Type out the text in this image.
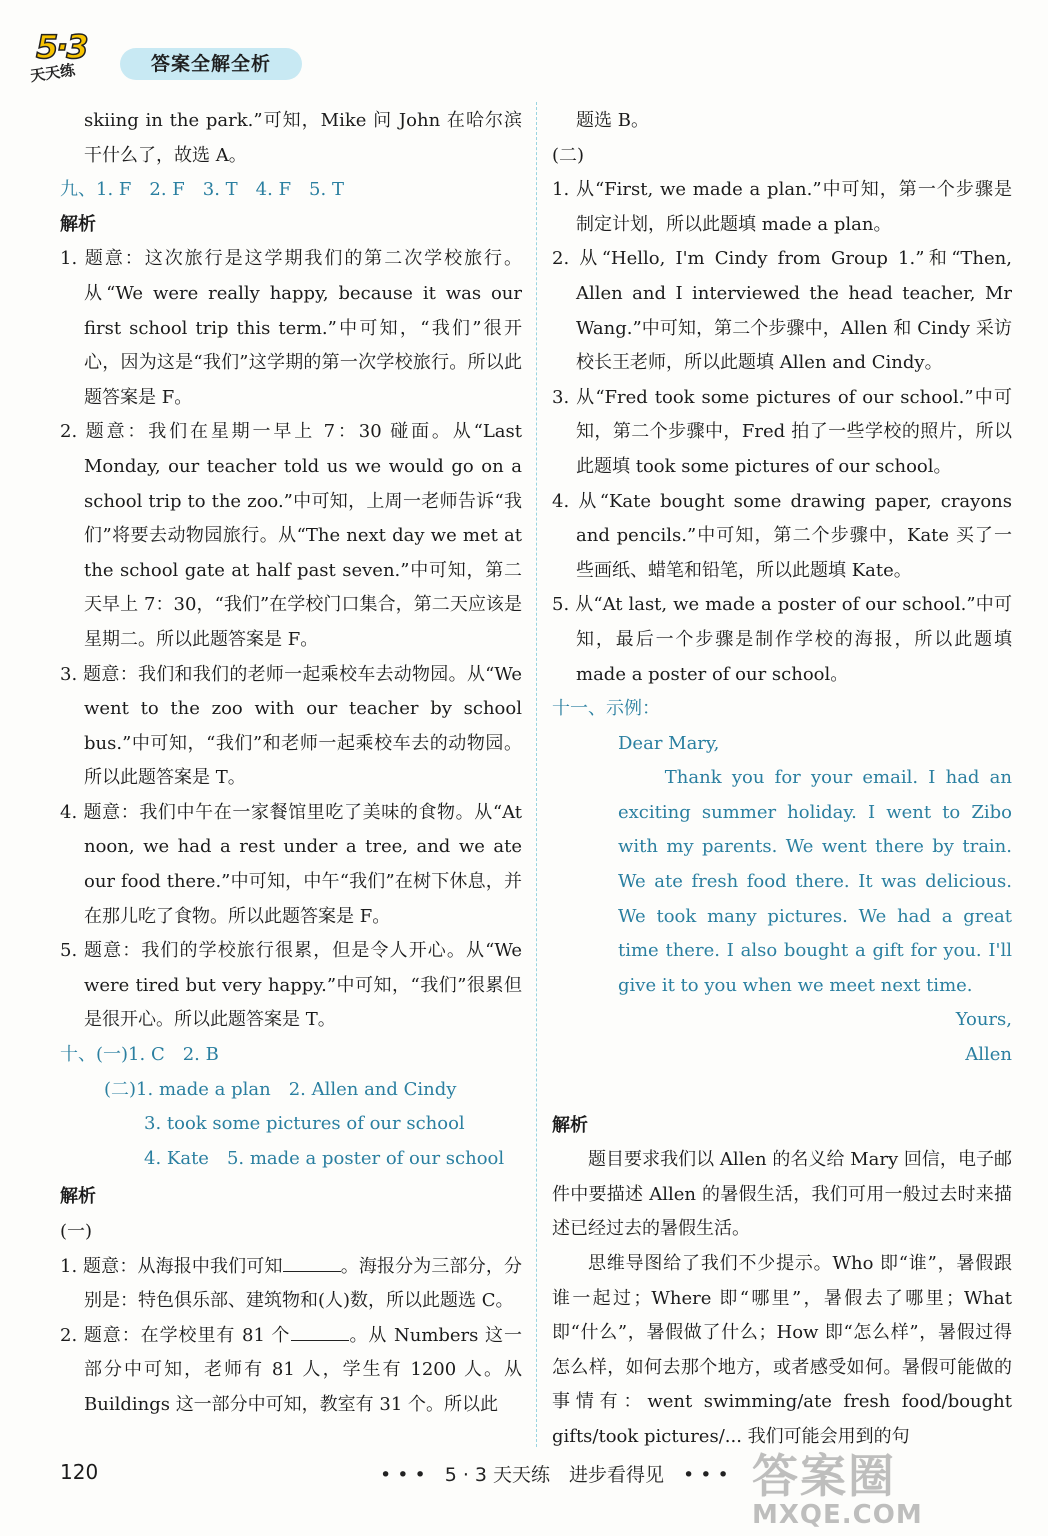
5·3
天天练	答案全解全析

skiing in the park.”可知，Mike 问 John 在哈尔滨干什么了，故选 A。

九、1. F　2. F　3. T　4. F　5. T

解析

1. 题意：这次旅行是这学期我们的第二次学校旅行。从“We were really happy, because it was our first school trip this term.”中可知，“我们”很开心，因为这是“我们”这学期的第一次学校旅行。所以此题答案是 F。

2. 题意：我们在星期一早上 7：30 碰面。从“Last Monday, our teacher told us we would go on a school trip to the zoo.”中可知，上周一老师告诉“我们”将要去动物园旅行。从“The next day we met at the school gate at half past seven.”中可知，第二天早上 7：30，“我们”在学校门口集合，第二天应该是星期二。所以此题答案是 F。

3. 题意：我们和我们的老师一起乘校车去动物园。从“We went to the zoo with our teacher by school bus.”中可知，“我们”和老师一起乘校车去的动物园。所以此题答案是 T。

4. 题意：我们中午在一家餐馆里吃了美味的食物。从“At noon, we had a rest under a tree, and we ate our food there.”中可知，中午“我们”在树下休息，并在那儿吃了食物。所以此题答案是 F。

5. 题意：我们的学校旅行很累，但是令人开心。从“We were tired but very happy.”中可知，“我们”很累但是很开心。所以此题答案是 T。

十、(一)1. C　2. B

(二)1. made a plan　2. Allen and Cindy

3. took some pictures of our school

4. Kate　5. made a poster of our school

解析

(一)

1. 题意：从海报中我们可知	。海报分为三部分，分别是：特色俱乐部、建筑物和(人)数，所以此题选 C。

2. 题意：在学校里有 81 个	。从 Numbers 这一部分中可知，老师有 81 人，学生有 1200 人。从 Buildings 这一部分中可知，教室有 31 个。所以此

题选 B。

(二)

1. 从“First, we made a plan.”中可知，第一个步骤是制定计划，所以此题填 made a plan。

2. 从“Hello, I'm Cindy from Group 1.”和“Then, Allen and I interviewed the head teacher, Mr Wang.”中可知，第二个步骤中，Allen 和 Cindy 采访校长王老师，所以此题填 Allen and Cindy。

3. 从“Fred took some pictures of our school.”中可知，第二个步骤中，Fred 拍了一些学校的照片，所以此题填 took some pictures of our school。

4. 从“Kate bought some drawing paper, crayons and pencils.”中可知，第二个步骤中，Kate 买了一些画纸、蜡笔和铅笔，所以此题填 Kate。

5. 从“At last, we made a poster of our school.”中可知，最后一个步骤是制作学校的海报，所以此题填 made a poster of our school。

十一、示例：

Dear Mary,

Thank you for your email. I had an exciting summer holiday. I went to Zibo with my parents. We went there by train. We ate fresh food there. It was delicious. We took many pictures. We had a great time there. I also bought a gift for you. I'll give it to you when we meet next time.

Yours,

Allen

解析

题目要求我们以 Allen 的名义给 Mary 回信，电子邮件中要描述 Allen 的暑假生活，我们可用一般过去时来描述已经过去的暑假生活。

思维导图给了我们不少提示。Who 即“谁”，暑假跟谁一起过；Where 即“哪里”，暑假去了哪里；What 即“什么”，暑假做了什么；How 即“怎么样”，暑假过得怎么样，如何去那个地方，或者感受如何。暑假可能做的事情有：went swimming/ate fresh food/bought gifts/took pictures/... 我们可能会用到的句

120	• • •　5 · 3 天天练　进步看得见　• • • 答案圈
MXQE.COM
